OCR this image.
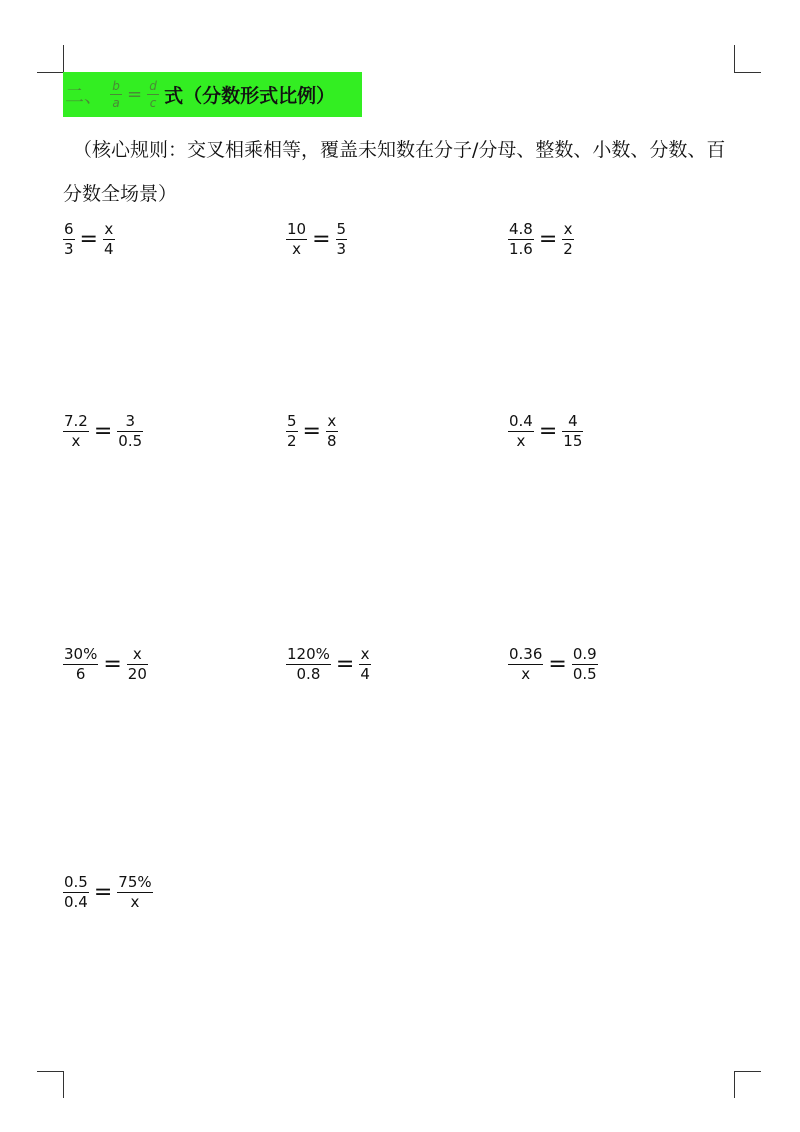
二、 b
a = d
c 式（分数形式比例）
（核心规则：交叉相乘相等，覆盖未知数在分子/分母、整数、小数、分数、百分数全场景）
$\frac{6}{3} = \frac{x}{4}$	$\frac{10}{x} = \frac{5}{3}$	$\frac{4.8}{1.6} = \frac{x}{2}$
$\frac{7.2}{x} = \frac{3}{0.5}$	$\frac{5}{2} = \frac{x}{8}$	$\frac{0.4}{x} = \frac{4}{15}$
$\frac{30\%}{6} = \frac{x}{20}$	$\frac{120\%}{0.8} = \frac{x}{4}$	$\frac{0.36}{x} = \frac{0.9}{0.5}$
$\frac{0.5}{0.4} = \frac{75\%}{x}$
